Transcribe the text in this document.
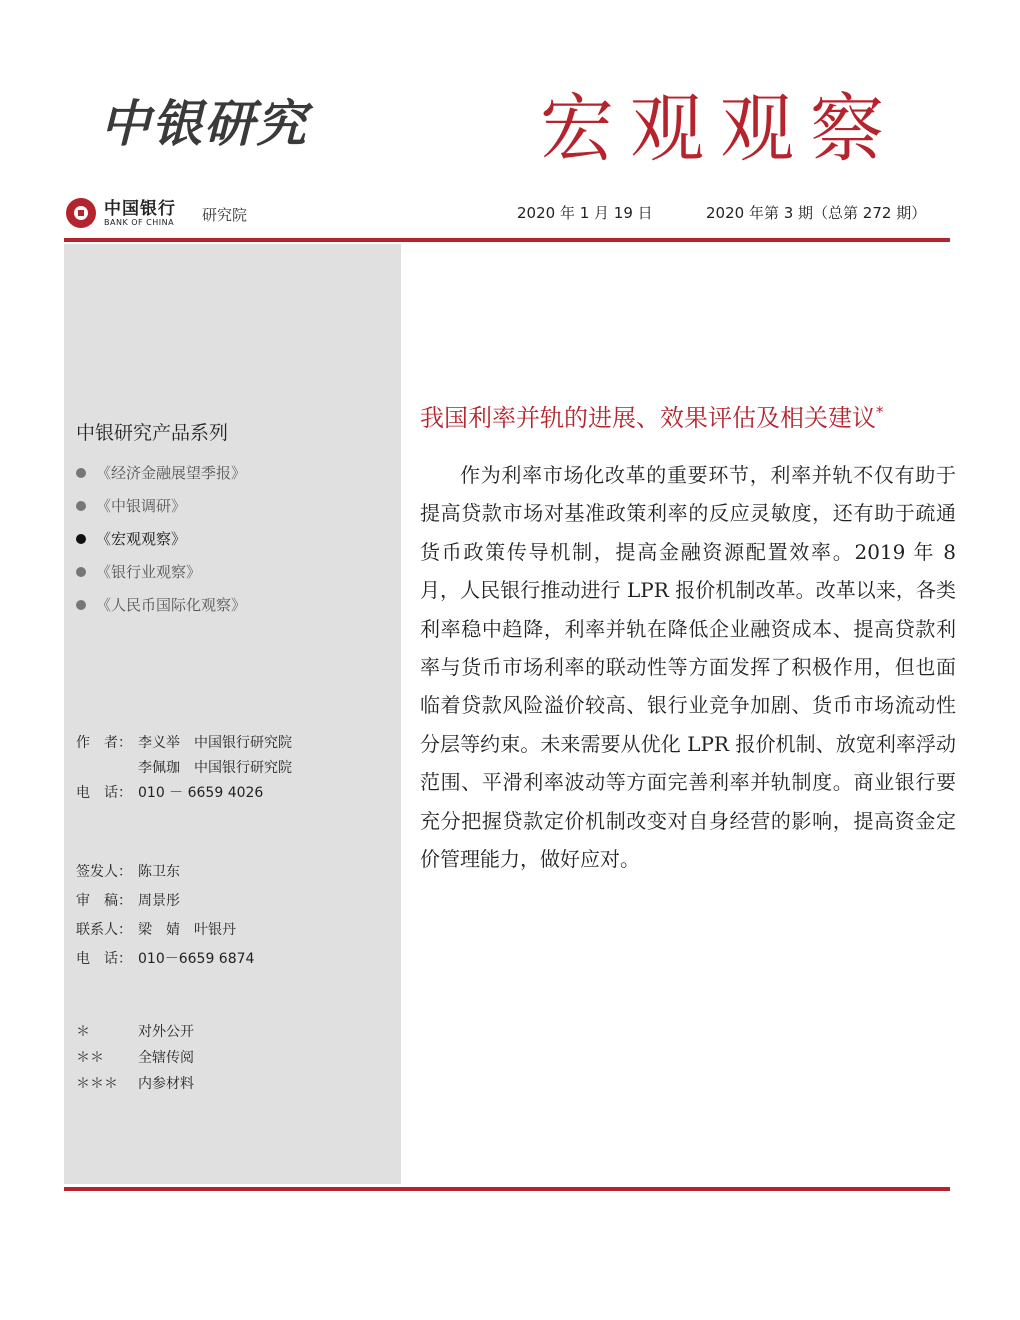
中银研究	宏观观察
中国银行
BANK OF CHINA 研究院	2020 年 1 月 19 日	2020 年第 3 期（总第 272 期）
中银研究产品系列
《经济金融展望季报》
《中银调研》
《宏观观察》
《银行业观察》
《人民币国际化观察》
作　者： 李义举　中国银行研究院
李佩珈　中国银行研究院
电　话： 010 － 6659 4026
签发人： 陈卫东
审　稿： 周景彤
联系人： 梁　婧　叶银丹
电　话： 010－6659 6874
＊	对外公开
＊＊ 全辖传阅
＊＊＊ 内参材料
我国利率并轨的进展、效果评估及相关建议*

作为利率市场化改革的重要环节，利率并轨不仅有助于提高贷款市场对基准政策利率的反应灵敏度，还有助于疏通货币政策传导机制，提高金融资源配置效率。2019 年 8 月，人民银行推动进行 LPR 报价机制改革。改革以来，各类利率稳中趋降，利率并轨在降低企业融资成本、提高贷款利率与货币市场利率的联动性等方面发挥了积极作用，但也面临着贷款风险溢价较高、银行业竞争加剧、货币市场流动性分层等约束。未来需要从优化 LPR 报价机制、放宽利率浮动范围、平滑利率波动等方面完善利率并轨制度。商业银行要充分把握贷款定价机制改变对自身经营的影响，提高资金定价管理能力，做好应对。
